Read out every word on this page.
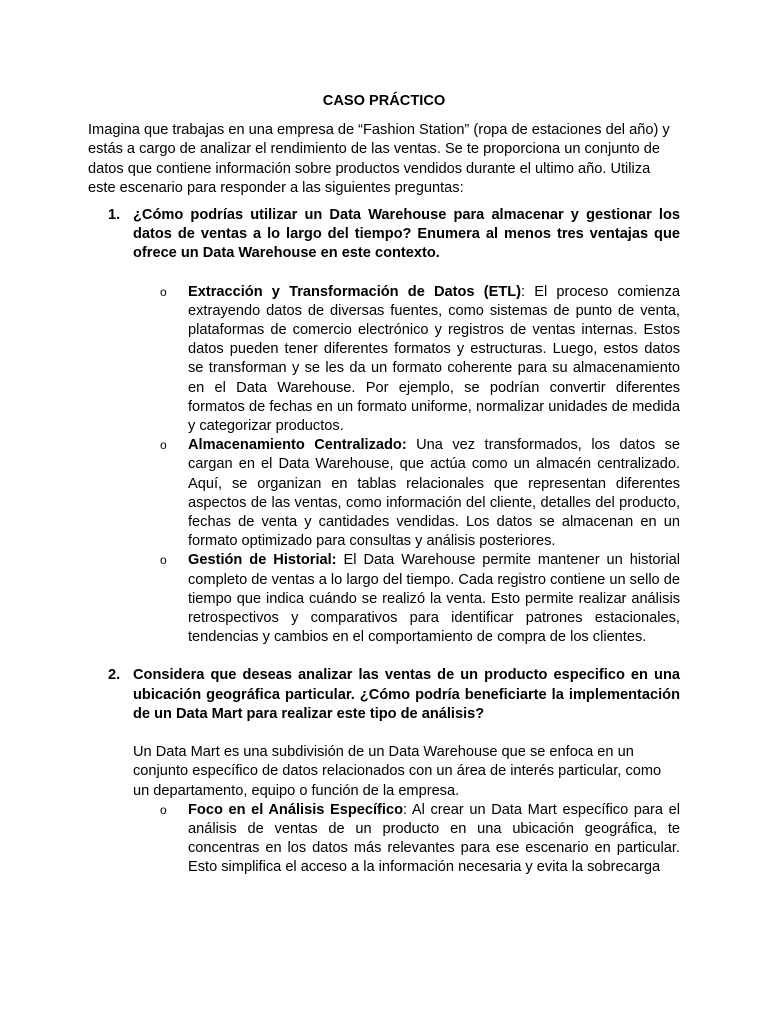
CASO PRÁCTICO

Imagina que trabajas en una empresa de “Fashion Station” (ropa de estaciones del año) y estás a cargo de analizar el rendimiento de las ventas. Se te proporciona un conjunto de datos que contiene información sobre productos vendidos durante el ultimo año. Utiliza este escenario para responder a las siguientes preguntas:

1. ¿Cómo podrías utilizar un Data Warehouse para almacenar y gestionar los datos de ventas a lo largo del tiempo? Enumera al menos tres ventajas que ofrece un Data Warehouse en este contexto.

o Extracción y Transformación de Datos (ETL): El proceso comienza extrayendo datos de diversas fuentes, como sistemas de punto de venta, plataformas de comercio electrónico y registros de ventas internas. Estos datos pueden tener diferentes formatos y estructuras. Luego, estos datos se transforman y se les da un formato coherente para su almacenamiento en el Data Warehouse. Por ejemplo, se podrían convertir diferentes formatos de fechas en un formato uniforme, normalizar unidades de medida y categorizar productos.

o Almacenamiento Centralizado: Una vez transformados, los datos se cargan en el Data Warehouse, que actúa como un almacén centralizado. Aquí, se organizan en tablas relacionales que representan diferentes aspectos de las ventas, como información del cliente, detalles del producto, fechas de venta y cantidades vendidas. Los datos se almacenan en un formato optimizado para consultas y análisis posteriores.

o Gestión de Historial: El Data Warehouse permite mantener un historial completo de ventas a lo largo del tiempo. Cada registro contiene un sello de tiempo que indica cuándo se realizó la venta. Esto permite realizar análisis retrospectivos y comparativos para identificar patrones estacionales, tendencias y cambios en el comportamiento de compra de los clientes.

2. Considera que deseas analizar las ventas de un producto especifico en una ubicación geográfica particular. ¿Cómo podría beneficiarte la implementación de un Data Mart para realizar este tipo de análisis?

Un Data Mart es una subdivisión de un Data Warehouse que se enfoca en un conjunto específico de datos relacionados con un área de interés particular, como un departamento, equipo o función de la empresa.

o Foco en el Análisis Específico: Al crear un Data Mart específico para el análisis de ventas de un producto en una ubicación geográfica, te concentras en los datos más relevantes para ese escenario en particular. Esto simplifica el acceso a la información necesaria y evita la sobrecarga
